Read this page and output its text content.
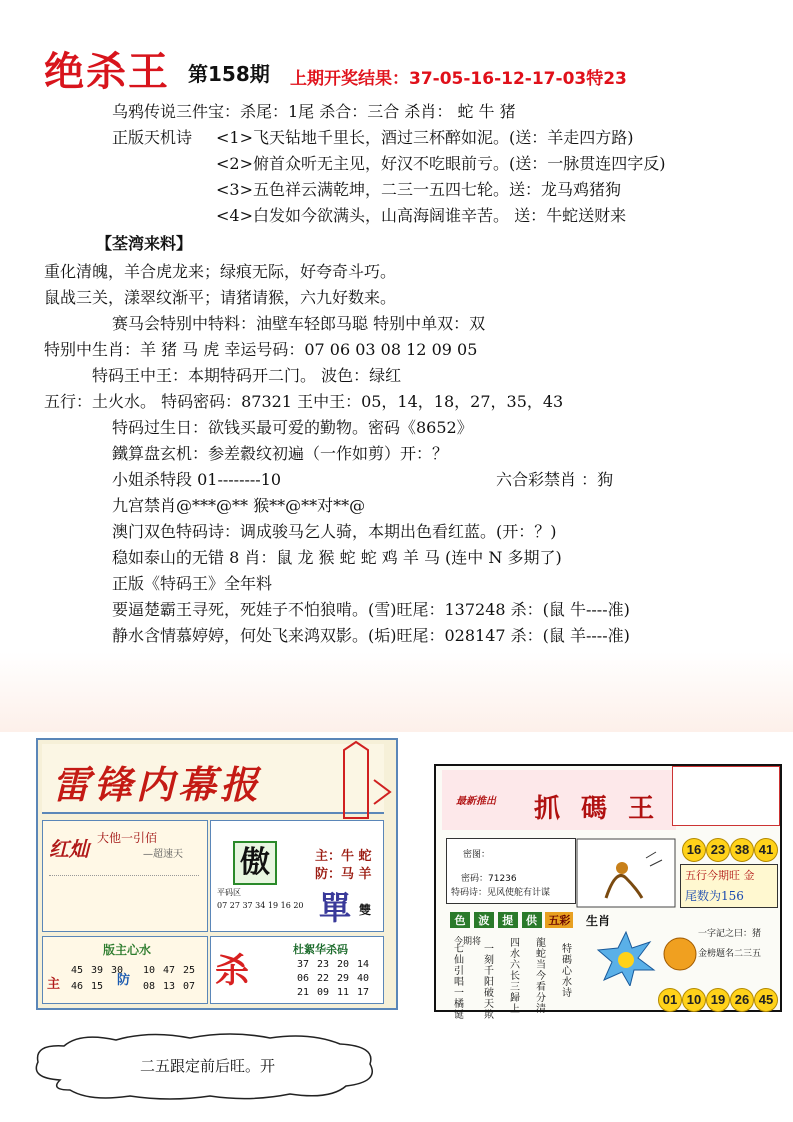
绝杀王 第158期 上期开奖结果：37-05-16-12-17-03特23
乌鸦传说三件宝：杀尾：1尾 杀合：三合 杀肖： 蛇 牛 猪
正版天机诗 <1>飞天钻地千里长，酒过三杯醉如泥。(送：羊走四方路)
<2>俯首众听无主见，好汉不吃眼前亏。(送：一脉贯连四字反)
<3>五色祥云满乾坤，二三一五四七轮。送：龙马鸡猪狗
<4>白发如今欲满头，山高海阔谁辛苦。 送：牛蛇送财来
【荃湾来料】
重化清魄，羊合虎龙来；绿痕无际，好夸奇斗巧。
鼠战三关，漾翠纹渐平；请猪请猴，六九好数来。
赛马会特别中特料：油壁车轻郎马聪 特别中单双：双
特别中生肖：羊 猪 马 虎 幸运号码：07 06 03 08 12 09 05
特码王中王：本期特码开二门。 波色：绿红
五行：土火水。 特码密码：87321 王中王：05，14，18，27，35，43
特码过生日：欲钱买最可爱的勤物。密码《8652》
鐵算盘玄机：参差縠纹初遍（一作如剪）开：？
小姐杀特段 01--------10	六合彩禁肖 ：狗
九宫禁肖@***@** 猴**@**对**@
澳门双色特码诗：调成骏马乞人骑，本期出色看红蓝。(开：？)
稳如泰山的无错 8 肖：鼠 龙 猴 蛇 蛇 鸡 羊 马 (连中 N 多期了)
正版《特码王》全年料
要逼楚霸王寻死，死娃子不怕狼啃。(雪)旺尾：137248 杀：(鼠 牛----准)
静水含情慕婷婷，何处飞来鸿双影。(垢)旺尾：028147 杀：(鼠 羊----准)
雷锋内幕报
红灿 大他一引佰
—超速天 傲	主：牛 蛇
防：马 羊
平码区
07 27 37 34 19 16 20 單 雙
版主心水
主	防
45 39 30 10 47 25
46 15	08 13 07 杀
杜絮华杀码
37 23 20 14
06 22 29 40
21 09 11 17
最新推出 抓 碼 王
密图：
密码：71236
特码诗：见风使舵有计谋
16 23 38 41
五行今期旺 金
尾数为156
色 波 提 供 五彩 生肖
今期将
七仙引唱一橘诞
一刻千阳破天欺
四水六长三歸上
龍蛇当今看分清
特碼心水诗
一字記之曰：猪
金榜题名二三五
01 10 19 26 45
二五跟定前后旺。开
